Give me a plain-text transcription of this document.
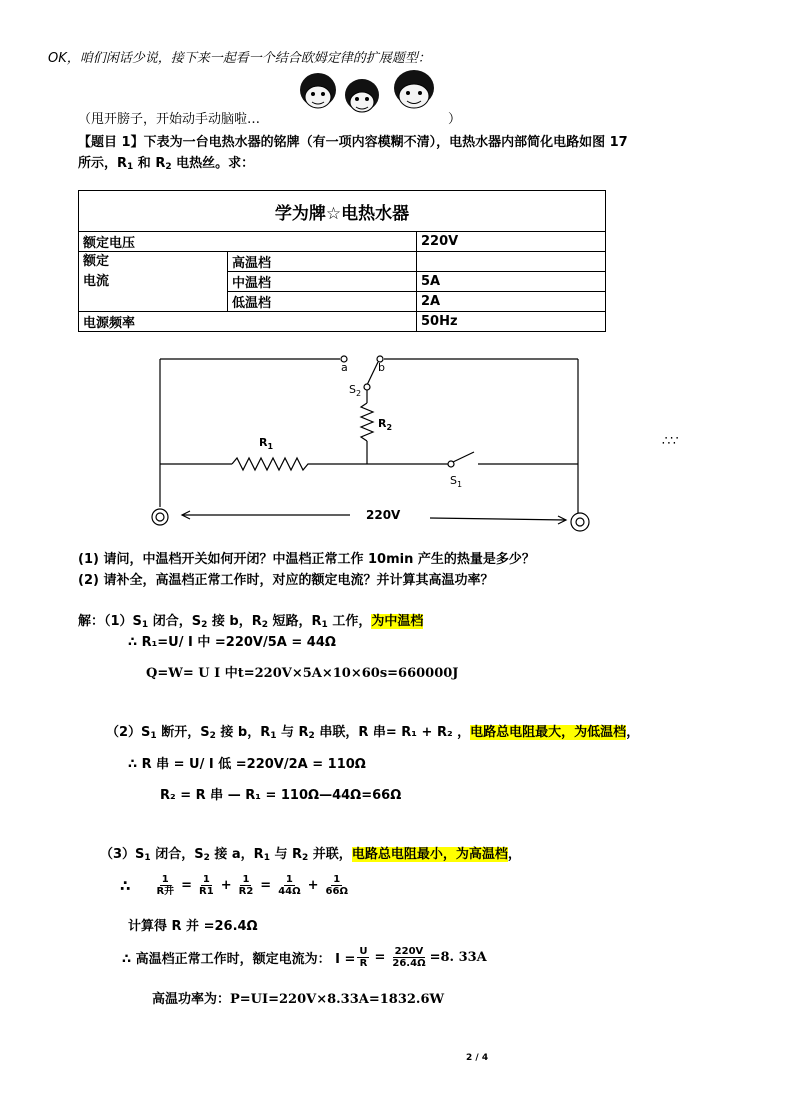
OK，咱们闲话少说，接下来一起看一个结合欧姆定律的扩展题型：
（甩开膀子，开始动手动脑啦…	）
【题目 1】下表为一台电热水器的铭牌（有一项内容模糊不清），电热水器内部简化电路如图 17
所示，$R_1$ 和 $R_2$ 电热丝。求：
学为牌☆电热水器		
额定电压		220V

额定
电流	高温档	
	中温档	5A
	低温档	2A
电源频率		50Hz
a	b
$S_2$
$R_2$
$R_1$
$S_1$
220V
∴∵
(1) 请问，中温档开关如何开闭？中温档正常工作 10min 产生的热量是多少？
(2) 请补全，高温档正常工作时，对应的额定电流？并计算其高温功率？
解：$(1)S_1$ 闭合，$S_2$ 接 b，$R_2$ 短路，$R_1$ 工作，为中温档
∴ R₁=U/ I 中 =220V/5A = 44Ω
Q=W= U I 中t=220V×5A×10×60s=660000J
$(2)S_1$ 断开，$S_2$ 接 b，$R_1$ 与 $R_2$ 串联，R 串= R₁ + R₂ ，电路总电阻最大，为低温档，
∴ R 串 = U/ I 低 =220V/2A = 110Ω
R₂ = R 串 — R₁ = 110Ω—44Ω=66Ω
$(3)S_1$ 闭合，$S_2$ 接 a，$R_1$ 与 $R_2$ 并联，电路总电阻最小，为高温档，
∴ $\frac{1}{\text{R并}} = \frac{1}{R1} + \frac{1}{R2} = \frac{1}{44\Omega} + \frac{1}{66\Omega}$
计算得 R 并 =26.4Ω
∴ 高温档正常工作时，额定电流为： $I = \frac{U}{R} = \frac{220V}{26.4\Omega} =8$. 33A
高温功率为：P=UI=220V×8.33A=1832.6W
2 / 4
